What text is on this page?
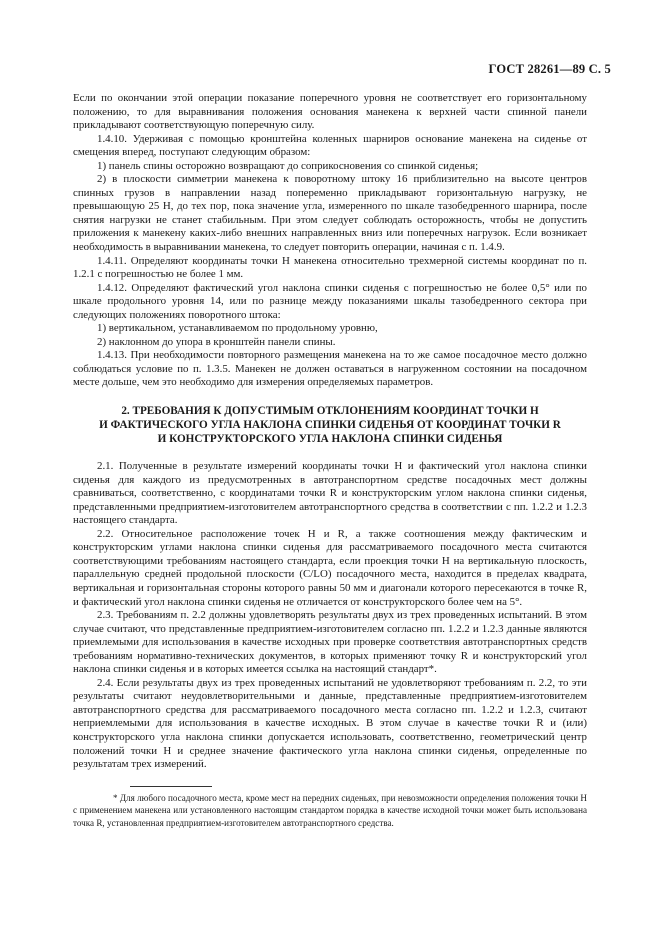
ГОСТ 28261—89 С. 5

Если по окончании этой операции показание поперечного уровня не соответствует его горизонтальному положению, то для выравнивания положения основания манекена к верхней части спинной панели прикладывают соответствующую поперечную силу.

1.4.10. Удерживая с помощью кронштейна коленных шарниров основание манекена на сиденье от смещения вперед, поступают следующим образом:

1) панель спины осторожно возвращают до соприкосновения со спинкой сиденья;

2) в плоскости симметрии манекена к поворотному штоку 16 приблизительно на высоте центров спинных грузов в направлении назад попеременно прикладывают горизонтальную нагрузку, не превышающую 25 Н, до тех пор, пока значение угла, измеренного по шкале тазобедренного шарнира, после снятия нагрузки не станет стабильным. При этом следует соблюдать осторожность, чтобы не допустить приложения к манекену каких-либо внешних направленных вниз или поперечных нагрузок. Если возникает необходимость в выравнивании манекена, то следует повторить операции, начиная с п. 1.4.9.

1.4.11. Определяют координаты точки H манекена относительно трехмерной системы координат по п. 1.2.1 с погрешностью не более 1 мм.

1.4.12. Определяют фактический угол наклона спинки сиденья с погрешностью не более 0,5° или по шкале продольного уровня 14, или по разнице между показаниями шкалы тазобедренного сектора при следующих положениях поворотного штока:

1) вертикальном, устанавливаемом по продольному уровню,

2) наклонном до упора в кронштейн панели спины.

1.4.13. При необходимости повторного размещения манекена на то же самое посадочное место должно соблюдаться условие по п. 1.3.5. Манекен не должен оставаться в нагруженном состоянии на посадочном месте дольше, чем это необходимо для измерения определяемых параметров.

2. ТРЕБОВАНИЯ К ДОПУСТИМЫМ ОТКЛОНЕНИЯМ КООРДИНАТ ТОЧКИ H
И ФАКТИЧЕСКОГО УГЛА НАКЛОНА СПИНКИ СИДЕНЬЯ ОТ КООРДИНАТ ТОЧКИ R
И КОНСТРУКТОРСКОГО УГЛА НАКЛОНА СПИНКИ СИДЕНЬЯ

2.1. Полученные в результате измерений координаты точки H и фактический угол наклона спинки сиденья для каждого из предусмотренных в автотранспортном средстве посадочных мест должны сравниваться, соответственно, с координатами точки R и конструкторским углом наклона спинки сиденья, представленными предприятием-изготовителем автотранспортного средства в соответствии с пп. 1.2.2 и 1.2.3 настоящего стандарта.

2.2. Относительное расположение точек H и R, а также соотношения между фактическим и конструкторским углами наклона спинки сиденья для рассматриваемого посадочного места считаются соответствующими требованиям настоящего стандарта, если проекция точки H на вертикальную плоскость, параллельную средней продольной плоскости (C/LO) посадочного места, находится в пределах квадрата, вертикальная и горизонтальная стороны которого равны 50 мм и диагонали которого пересекаются в точке R, и фактический угол наклона спинки сиденья не отличается от конструкторского более чем на 5°.

2.3. Требованиям п. 2.2 должны удовлетворять результаты двух из трех проведенных испытаний. В этом случае считают, что представленные предприятием-изготовителем согласно пп. 1.2.2 и 1.2.3 данные являются приемлемыми для использования в качестве исходных при проверке соответствия автотранспортных средств требованиям нормативно-технических документов, в которых применяют точку R и конструкторский угол наклона спинки сиденья и в которых имеется ссылка на настоящий стандарт*.

2.4. Если результаты двух из трех проведенных испытаний не удовлетворяют требованиям п. 2.2, то эти результаты считают неудовлетворительными и данные, представленные предприятием-изготовителем автотранспортного средства для рассматриваемого посадочного места согласно пп. 1.2.2 и 1.2.3, считают неприемлемыми для использования в качестве исходных. В этом случае в качестве точки R и (или) конструкторского угла наклона спинки допускается использовать, соответственно, геометрический центр положений точки H и среднее значение фактического угла наклона спинки сиденья, определенные по результатам трех измерений.

* Для любого посадочного места, кроме мест на передних сиденьях, при невозможности определения положения точки H с применением манекена или установленного настоящим стандартом порядка в качестве исходной точки может быть использована точка R, установленная предприятием-изготовителем автотранспортного средства.
